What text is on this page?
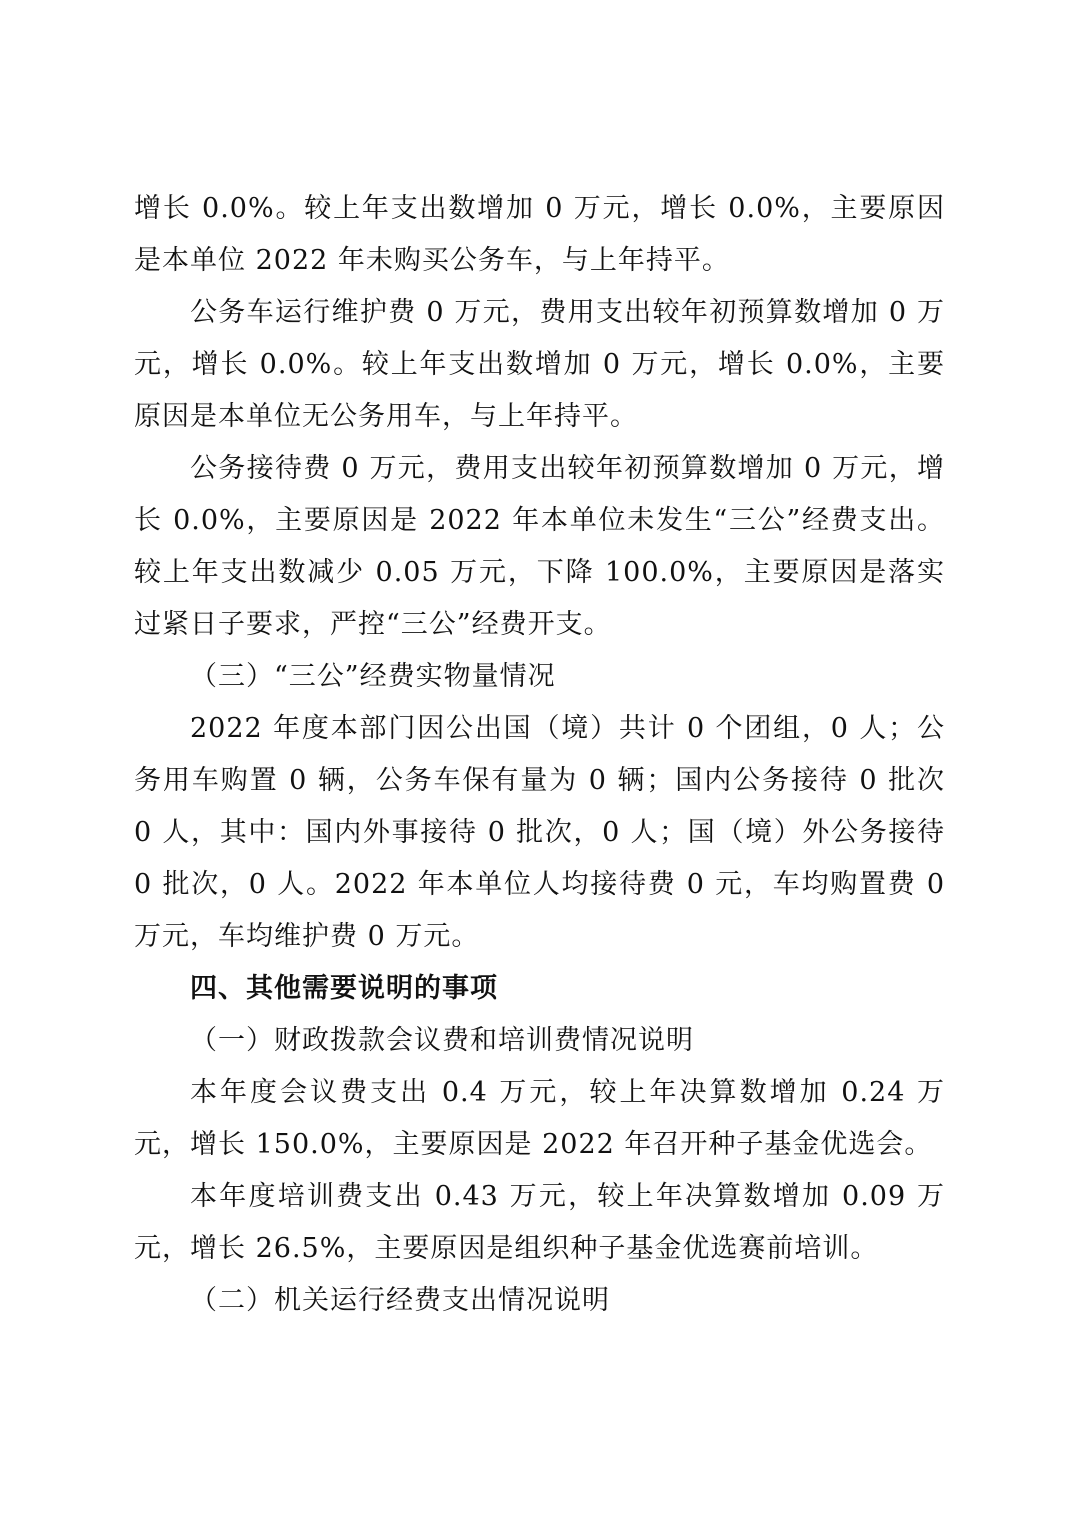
增长 0.0%。较上年支出数增加 0 万元，增长 0.0%，主要原因是本单位 2022 年未购买公务车，与上年持平。

公务车运行维护费 0 万元，费用支出较年初预算数增加 0 万元，增长 0.0%。较上年支出数增加 0 万元，增长 0.0%，主要原因是本单位无公务用车，与上年持平。

公务接待费 0 万元，费用支出较年初预算数增加 0 万元，增长 0.0%，主要原因是 2022 年本单位未发生“三公”经费支出。较上年支出数减少 0.05 万元，下降 100.0%，主要原因是落实过紧日子要求，严控“三公”经费开支。

（三）“三公”经费实物量情况

2022 年度本部门因公出国（境）共计 0 个团组，0 人；公务用车购置 0 辆，公务车保有量为 0 辆；国内公务接待 0 批次 0 人，其中：国内外事接待 0 批次，0 人；国（境）外公务接待 0 批次，0 人。2022 年本单位人均接待费 0 元，车均购置费 0 万元，车均维护费 0 万元。

四、其他需要说明的事项

（一）财政拨款会议费和培训费情况说明

本年度会议费支出 0.4 万元，较上年决算数增加 0.24 万元，增长 150.0%，主要原因是 2022 年召开种子基金优选会。

本年度培训费支出 0.43 万元，较上年决算数增加 0.09 万元，增长 26.5%，主要原因是组织种子基金优选赛前培训。

（二）机关运行经费支出情况说明
